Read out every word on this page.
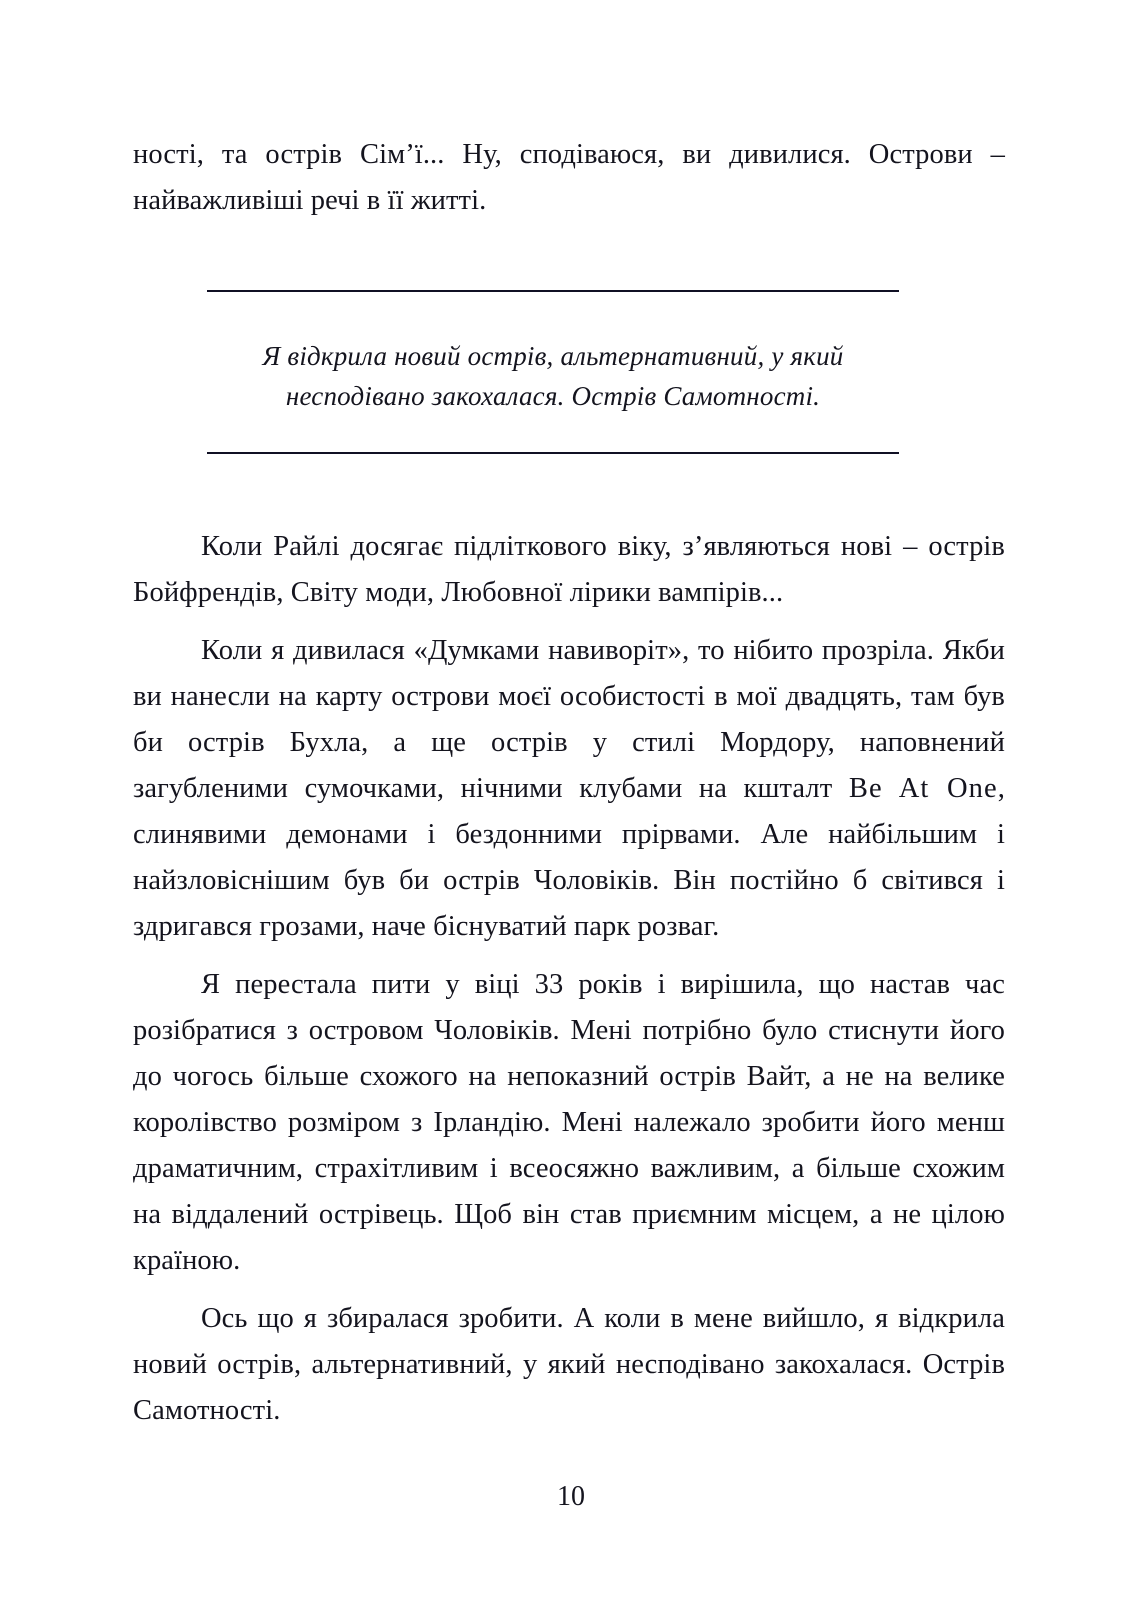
ності, та острів Сім’ї... Ну, сподіваюся, ви дивилися. Острови – найважливіші речі в її житті.

Я відкрила новий острів, альтернативний, у який несподівано закохалася. Острів Самотності.

Коли Райлі досягає підліткового віку, з’являються нові – острів Бойфрендів, Світу моди, Любовної лірики вампірів...

Коли я дивилася «Думками навиворіт», то нібито прозріла. Якби ви нанесли на карту острови моєї особистості в мої двадцять, там був би острів Бухла, а ще острів у стилі Мордору, наповнений загубленими сумочками, нічними клубами на кшталт Be At One, слинявими демонами і бездонними прірвами. Але найбільшим і найзловіснішим був би острів Чоловіків. Він постійно б світився і здригався грозами, наче біснуватий парк розваг.

Я перестала пити у віці 33 років і вирішила, що настав час розібратися з островом Чоловіків. Мені потрібно було стиснути його до чогось більше схожого на непоказний острів Вайт, а не на велике королівство розміром з Ірландію. Мені належало зробити його менш драматичним, страхітливим і всеосяжно важливим, а більше схожим на віддалений острівець. Щоб він став приємним місцем, а не цілою країною.

Ось що я збиралася зробити. А коли в мене вийшло, я відкрила новий острів, альтернативний, у який несподівано закохалася. Острів Самотності.

10
